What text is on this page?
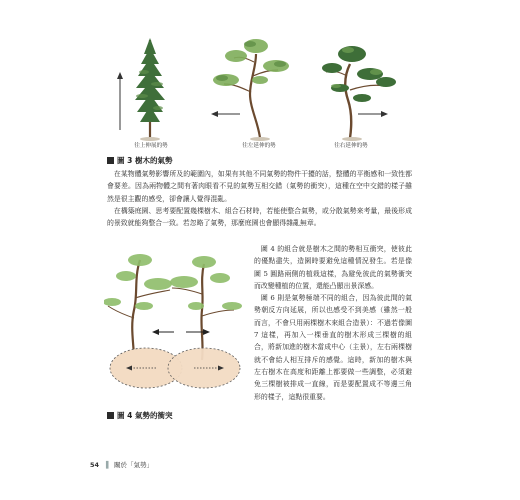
往上伸展的勢	往左延伸的勢	往右延伸的勢
圖 3 樹木的氣勢

在某物體氣勢影響所及的範圍內，如果有其他不同氣勢的物件干擾的話，整體的平衡感和一致性都會要差。因為兩物體之間有著肉眼看不見的氣勢互相交錯（氣勢的衝突），這種在空中交錯的樣子雖然是很主觀的感受，卻會讓人覺得混亂。

在構築庭園、思考要配置幾棵樹木、組合石材時，若能使整合氣勢，或分散氣勢來考量，最後形成的景致就能夠整合一致。若忽略了氣勢，那麼庭園也會顯得雜亂無章。

圖 4 氣勢的衝突

圖 4 的組合就是樹木之間的勢相互衝突，使彼此的優點盡失，造園時要避免這種情況發生。若是像圖 5 圓路兩側的植栽這樣，為避免彼此的氣勢衝突而改變種植的位置，還能凸顯出景深感。

圖 6 則是氣勢極端不同的組合，因為彼此間的氣勢朝反方向延展，所以也感受不到美感（雖然一般而言，不會只用兩棵樹木來組合造景）：不過若像圖 7 這樣，再加入一棵垂直的樹木形成三棵樹的組合，將新加進的樹木當成中心（主景），左右兩棵樹就不會給人相互排斥的感覺。這時，新加的樹木與左右樹木在高度和距離上都要做一些調整，必須避免三棵樹被排成一直線，而是要配置成不等邊三角形的樣子，這點很重要。

54 ▌ 關於「氣勢」
